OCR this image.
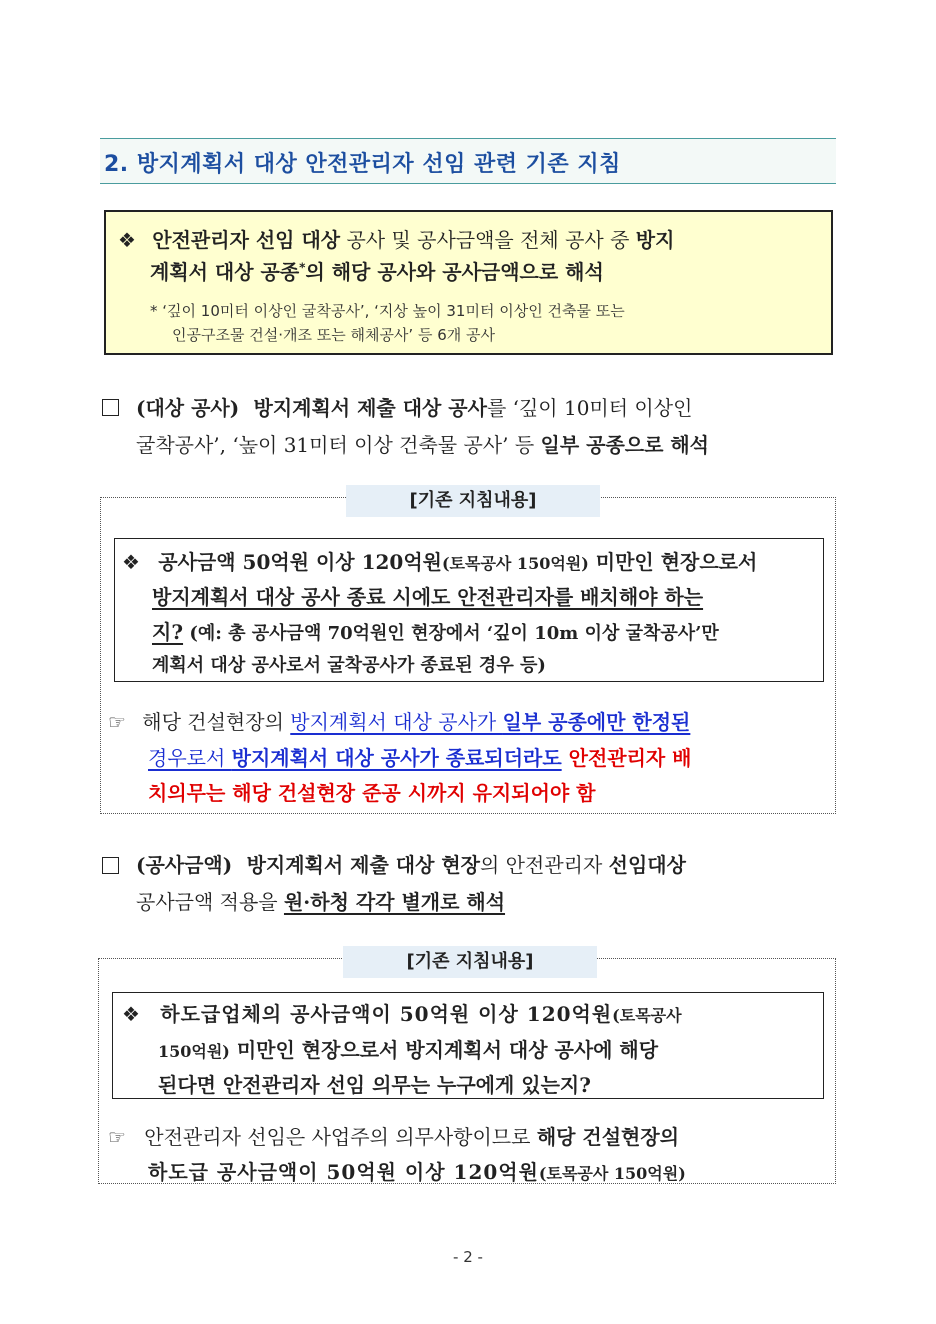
2. 방지계획서 대상 안전관리자 선임 관련 기존 지침
❖ 안전관리자 선임 대상 공사 및 공사금액을 전체 공사 중 방지
계획서 대상 공종*의 해당 공사와 공사금액으로 해석
* ‘깊이 10미터 이상인 굴착공사’, ‘지상 높이 31미터 이상인 건축물 또는
인공구조물 건설·개조 또는 해체공사’ 등 6개 공사
(대상 공사) 방지계획서 제출 대상 공사를 ‘깊이 10미터 이상인
굴착공사’, ‘높이 31미터 이상 건축물 공사’ 등 일부 공종으로 해석
[기존 지침내용]
❖ 공사금액 50억원 이상 120억원(토목공사 150억원) 미만인 현장으로서
방지계획서 대상 공사 종료 시에도 안전관리자를 배치해야 하는
지? (예: 총 공사금액 70억원인 현장에서 ‘깊이 10m 이상 굴착공사’만
계획서 대상 공사로서 굴착공사가 종료된 경우 등)
☞ 해당 건설현장의 방지계획서 대상 공사가 일부 공종에만 한정된
경우로서 방지계획서 대상 공사가 종료되더라도 안전관리자 배
치의무는 해당 건설현장 준공 시까지 유지되어야 함
(공사금액) 방지계획서 제출 대상 현장의 안전관리자 선임대상
공사금액 적용을 원·하청 각각 별개로 해석
[기존 지침내용]
❖ 하도급업체의 공사금액이 50억원 이상 120억원(토목공사
150억원) 미만인 현장으로서 방지계획서 대상 공사에 해당
된다면 안전관리자 선임 의무는 누구에게 있는지?
☞ 안전관리자 선임은 사업주의 의무사항이므로 해당 건설현장의
하도급 공사금액이 50억원 이상 120억원(토목공사 150억원)
- 2 -
